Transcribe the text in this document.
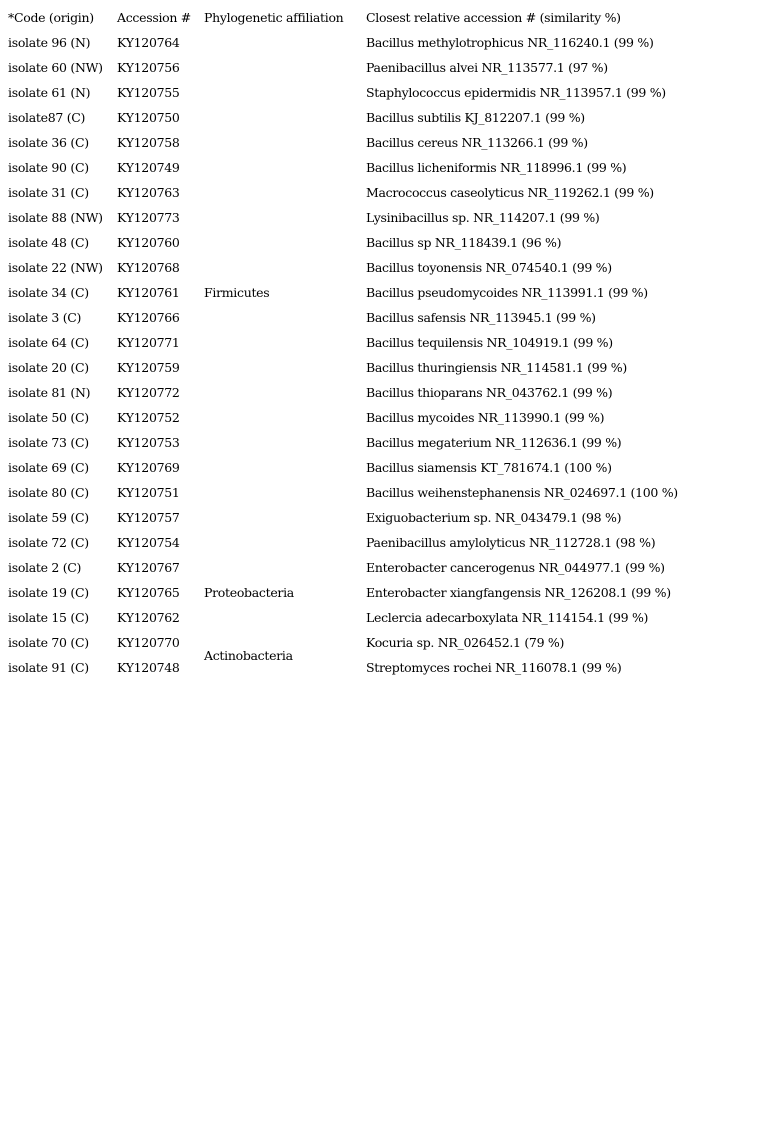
*Code (origin)	Accession #	Phylogenetic affiliation	Closest relative accession # (similarity %)
isolate 96 (N)	KY120764		Bacillus methylotrophicus NR_116240.1 (99 %)
isolate 60 (NW)	KY120756		Paenibacillus alvei NR_113577.1 (97 %)
isolate 61 (N)	KY120755		Staphylococcus epidermidis NR_113957.1 (99 %)
isolate87 (C)	KY120750		Bacillus subtilis KJ_812207.1 (99 %)
isolate 36 (C)	KY120758		Bacillus cereus NR_113266.1 (99 %)
isolate 90 (C)	KY120749		Bacillus licheniformis NR_118996.1 (99 %)
isolate 31 (C)	KY120763		Macrococcus caseolyticus NR_119262.1 (99 %)
isolate 88 (NW)	KY120773		Lysinibacillus sp. NR_114207.1 (99 %)
isolate 48 (C)	KY120760		Bacillus sp NR_118439.1 (96 %)
isolate 22 (NW)	KY120768		Bacillus toyonensis NR_074540.1 (99 %)
isolate 34 (C)	KY120761	Firmicutes	Bacillus pseudomycoides NR_113991.1 (99 %)
isolate 3 (C)	KY120766		Bacillus safensis NR_113945.1 (99 %)
isolate 64 (C)	KY120771		Bacillus tequilensis NR_104919.1 (99 %)
isolate 20 (C)	KY120759		Bacillus thuringiensis NR_114581.1 (99 %)
isolate 81 (N)	KY120772		Bacillus thioparans NR_043762.1 (99 %)
isolate 50 (C)	KY120752		Bacillus mycoides NR_113990.1 (99 %)
isolate 73 (C)	KY120753		Bacillus megaterium NR_112636.1 (99 %)
isolate 69 (C)	KY120769		Bacillus siamensis KT_781674.1 (100 %)
isolate 80 (C)	KY120751		Bacillus weihenstephanensis NR_024697.1 (100 %)
isolate 59 (C)	KY120757		Exiguobacterium sp. NR_043479.1 (98 %)
isolate 72 (C)	KY120754		Paenibacillus amylolyticus NR_112728.1 (98 %)
isolate 2 (C)	KY120767		Enterobacter cancerogenus NR_044977.1 (99 %)
isolate 19 (C)	KY120765	Proteobacteria	Enterobacter xiangfangensis NR_126208.1 (99 %)
isolate 15 (C)	KY120762		Leclercia adecarboxylata NR_114154.1 (99 %)
isolate 70 (C)	KY120770	Actinobacteria	Kocuria sp. NR_026452.1 (79 %)
isolate 91 (C)	KY120748		Streptomyces rochei NR_116078.1 (99 %)
